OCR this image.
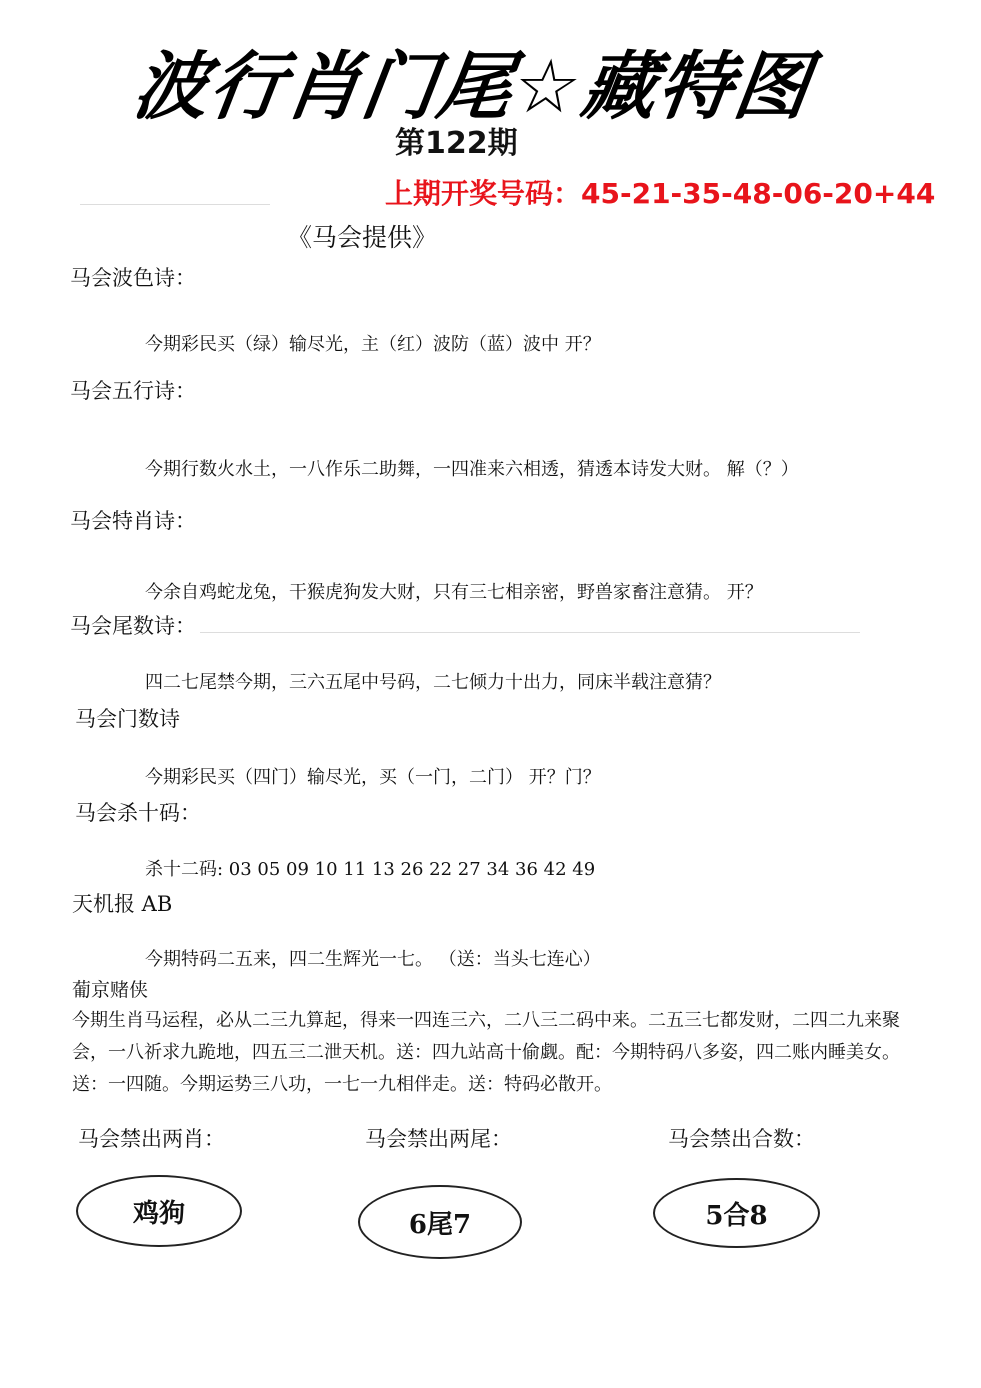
波行肖门尾☆藏特图
第122期
上期开奖号码：45-21-35-48-06-20+44
《马会提供》
马会波色诗：
今期彩民买（绿）输尽光，主（红）波防（蓝）波中 开？
马会五行诗：
今期行数火水土，一八作乐二助舞，一四准来六相透，猜透本诗发大财。 解（？）
马会特肖诗：
今余自鸡蛇龙兔，干猴虎狗发大财，只有三七相亲密，野兽家畜注意猜。 开？
马会尾数诗：
四二七尾禁今期，三六五尾中号码，二七倾力十出力，同床半载注意猜？
马会门数诗
今期彩民买（四门）输尽光，买（一门，二门） 开？门？
马会杀十码：
杀十二码: 03 05 09 10 11 13 26 22 27 34 36 42 49
天机报 AB
今期特码二五来，四二生辉光一七。 （送：当头七连心）
葡京赌侠
今期生肖马运程，必从二三九算起，得来一四连三六，二八三二码中来。二五三七都发财，二四二九来聚会，一八祈求九跪地，四五三二泄天机。送：四九站高十偷觑。配：今期特码八多姿，四二账内睡美女。送：一四随。今期运势三八功，一七一九相伴走。送：特码必散开。
马会禁出两肖：	马会禁出两尾：	马会禁出合数：
鸡狗	6尾7	5合8
